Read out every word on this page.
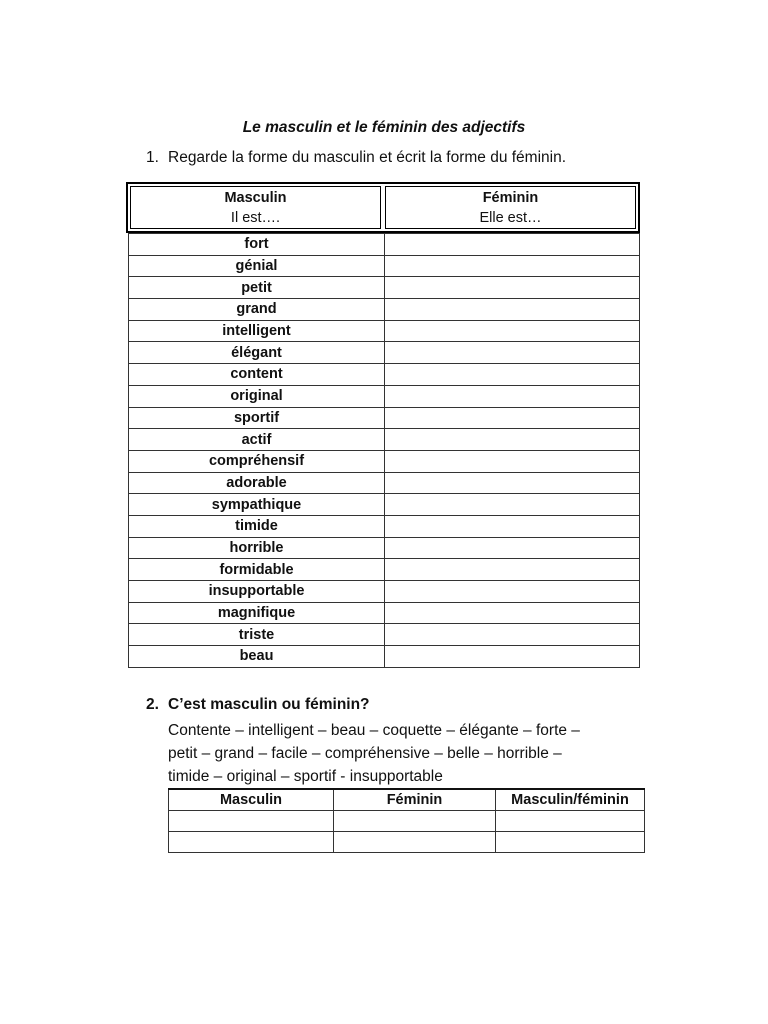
Le masculin et le féminin des adjectifs
1. Regarde la forme du masculin et écrit la forme du féminin.
Masculin
Il est….
Féminin
Elle est…
fort	
génial	
petit	
grand	
intelligent	
élégant	
content	
original	
sportif	
actif	
compréhensif	
adorable	
sympathique	
timide	
horrible	
formidable	
insupportable	
magnifique	
triste	
beau	
2. C’est masculin ou féminin?
Contente – intelligent – beau – coquette – élégante – forte –
petit – grand – facile – compréhensive – belle – horrible –
timide – original – sportif - insupportable
Masculin	Féminin	Masculin/féminin
